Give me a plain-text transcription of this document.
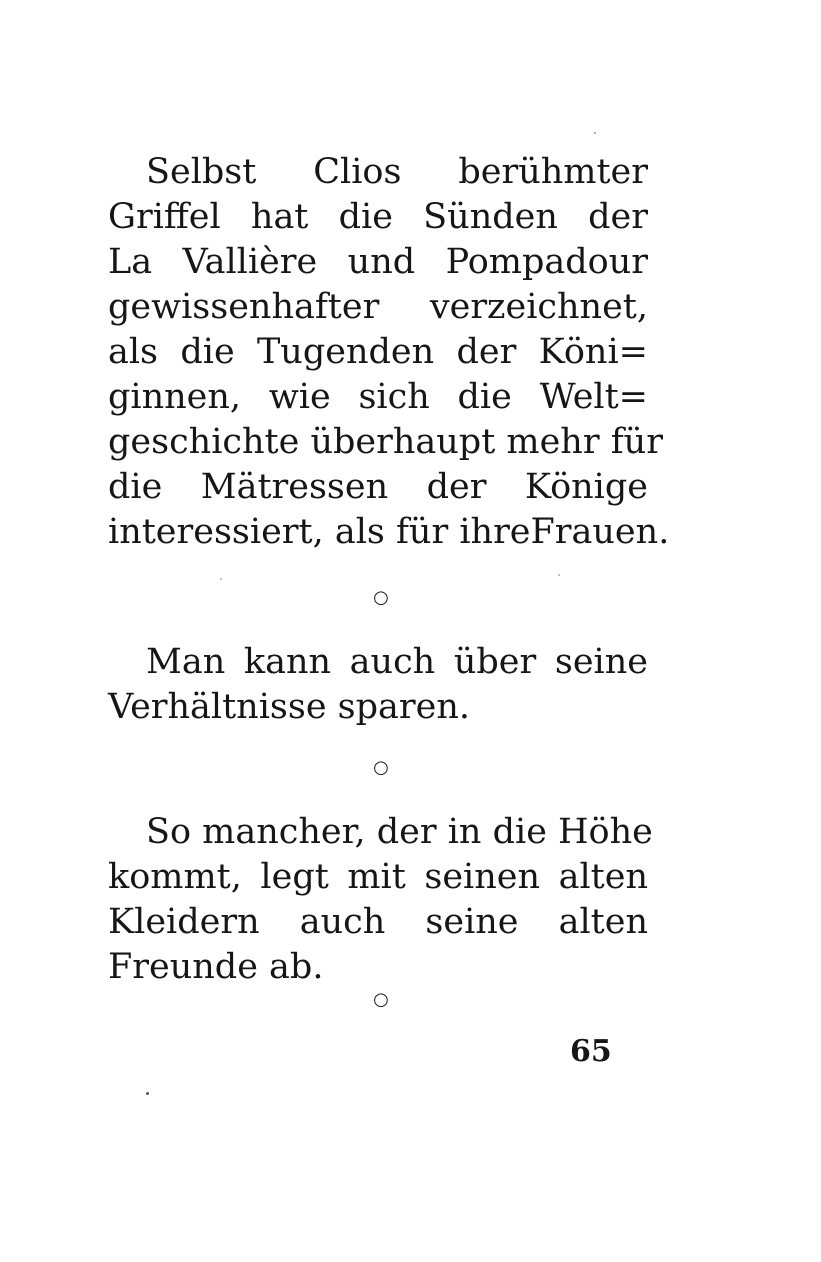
Selbst Clios berühmter
Griffel hat die Sünden der
La Vallière und Pompadour
gewissenhafter verzeichnet,
als die Tugenden der Köni=
ginnen, wie sich die Welt=
geschichte überhaupt mehr für
die Mätressen der Könige
interessiert, als für ihreFrauen.
○
Man kann auch über seine
Verhältnisse sparen.
○
So mancher, der in die Höhe
kommt, legt mit seinen alten
Kleidern auch seine alten
Freunde ab.
○
65
